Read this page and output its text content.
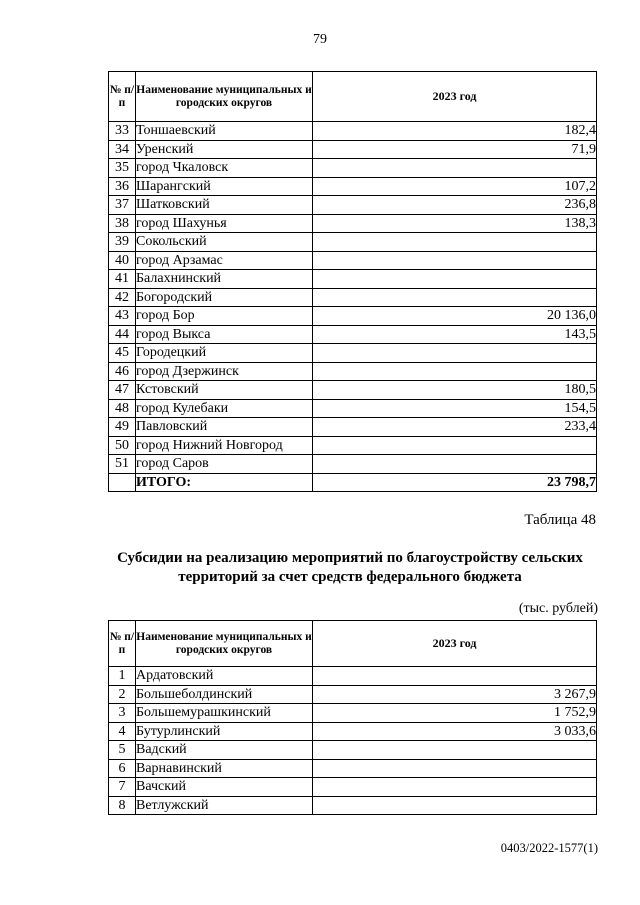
79
№ п/п	Наименование муниципальных и городских округов	2023 год
33	Тоншаевский	182,4
34	Уренский	71,9
35	город Чкаловск	
36	Шарангский	107,2
37	Шатковский	236,8
38	город Шахунья	138,3
39	Сокольский	
40	город Арзамас	
41	Балахнинский	
42	Богородский	
43	город Бор	20 136,0
44	город Выкса	143,5
45	Городецкий	
46	город Дзержинск	
47	Кстовский	180,5
48	город Кулебаки	154,5
49	Павловский	233,4
50	город Нижний Новгород	
51	город Саров	
	ИТОГО:	23 798,7
Таблица 48
Субсидии на реализацию мероприятий по благоустройству сельских территорий за счет средств федерального бюджета
(тыс. рублей)
№ п/п	Наименование муниципальных и городских округов	2023 год
1	Ардатовский	
2	Большеболдинский	3 267,9
3	Большемурашкинский	1 752,9
4	Бутурлинский	3 033,6
5	Вадский	
6	Варнавинский	
7	Вачский	
8	Ветлужский	
0403/2022-1577(1)
